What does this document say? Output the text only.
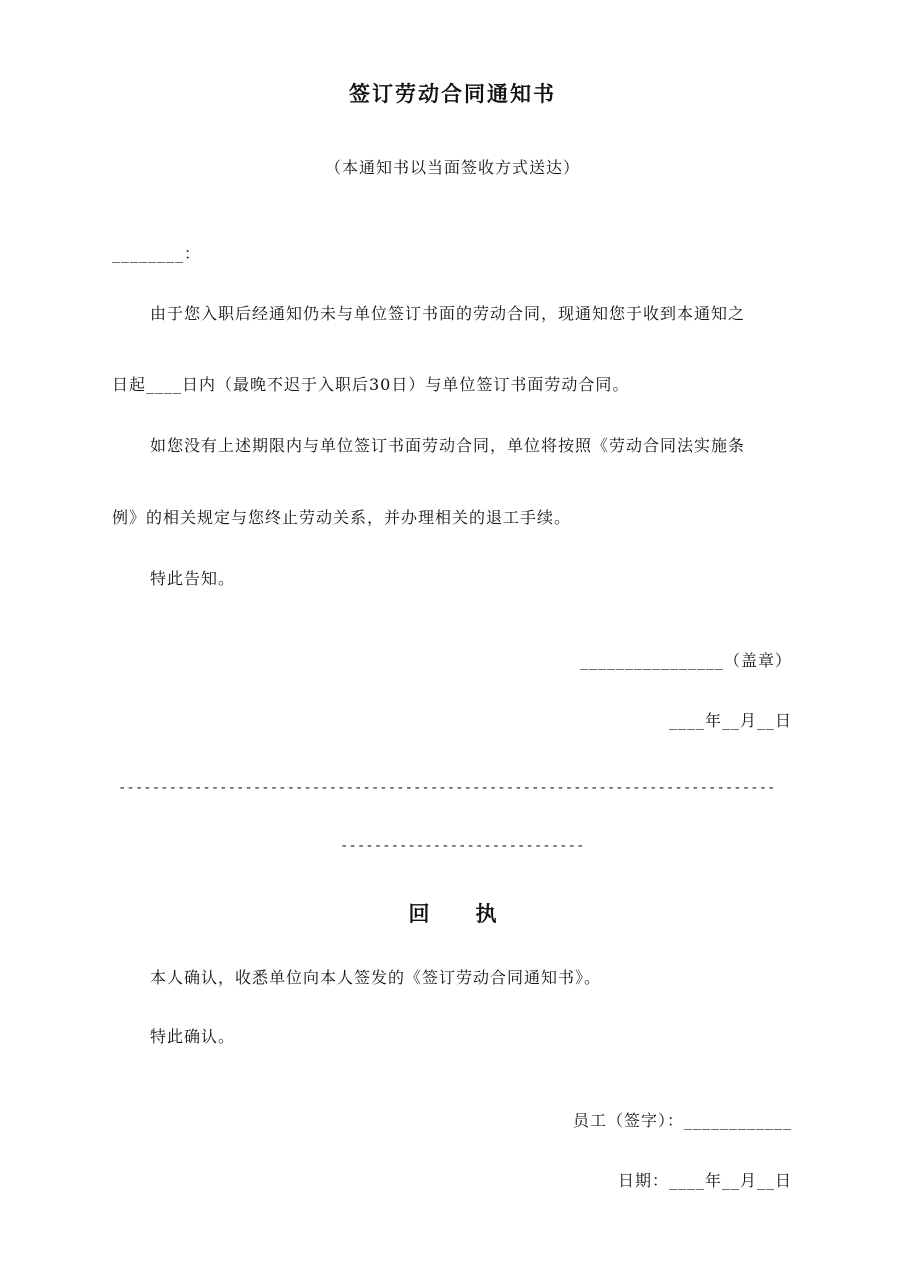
签订劳动合同通知书
（本通知书以当面签收方式送达）
________：
由于您入职后经通知仍未与单位签订书面的劳动合同，现通知您于收到本通知之
日起____日内（最晚不迟于入职后30日）与单位签订书面劳动合同。
如您没有上述期限内与单位签订书面劳动合同，单位将按照《劳动合同法实施条
例》的相关规定与您终止劳动关系，并办理相关的退工手续。
特此告知。
________________（盖章）
____年__月__日
------------------------------------------------------------------------------
-----------------------------
回 执
本人确认，收悉单位向本人签发的《签订劳动合同通知书》。
特此确认。
员工（签字）：____________
日期：____年__月__日
